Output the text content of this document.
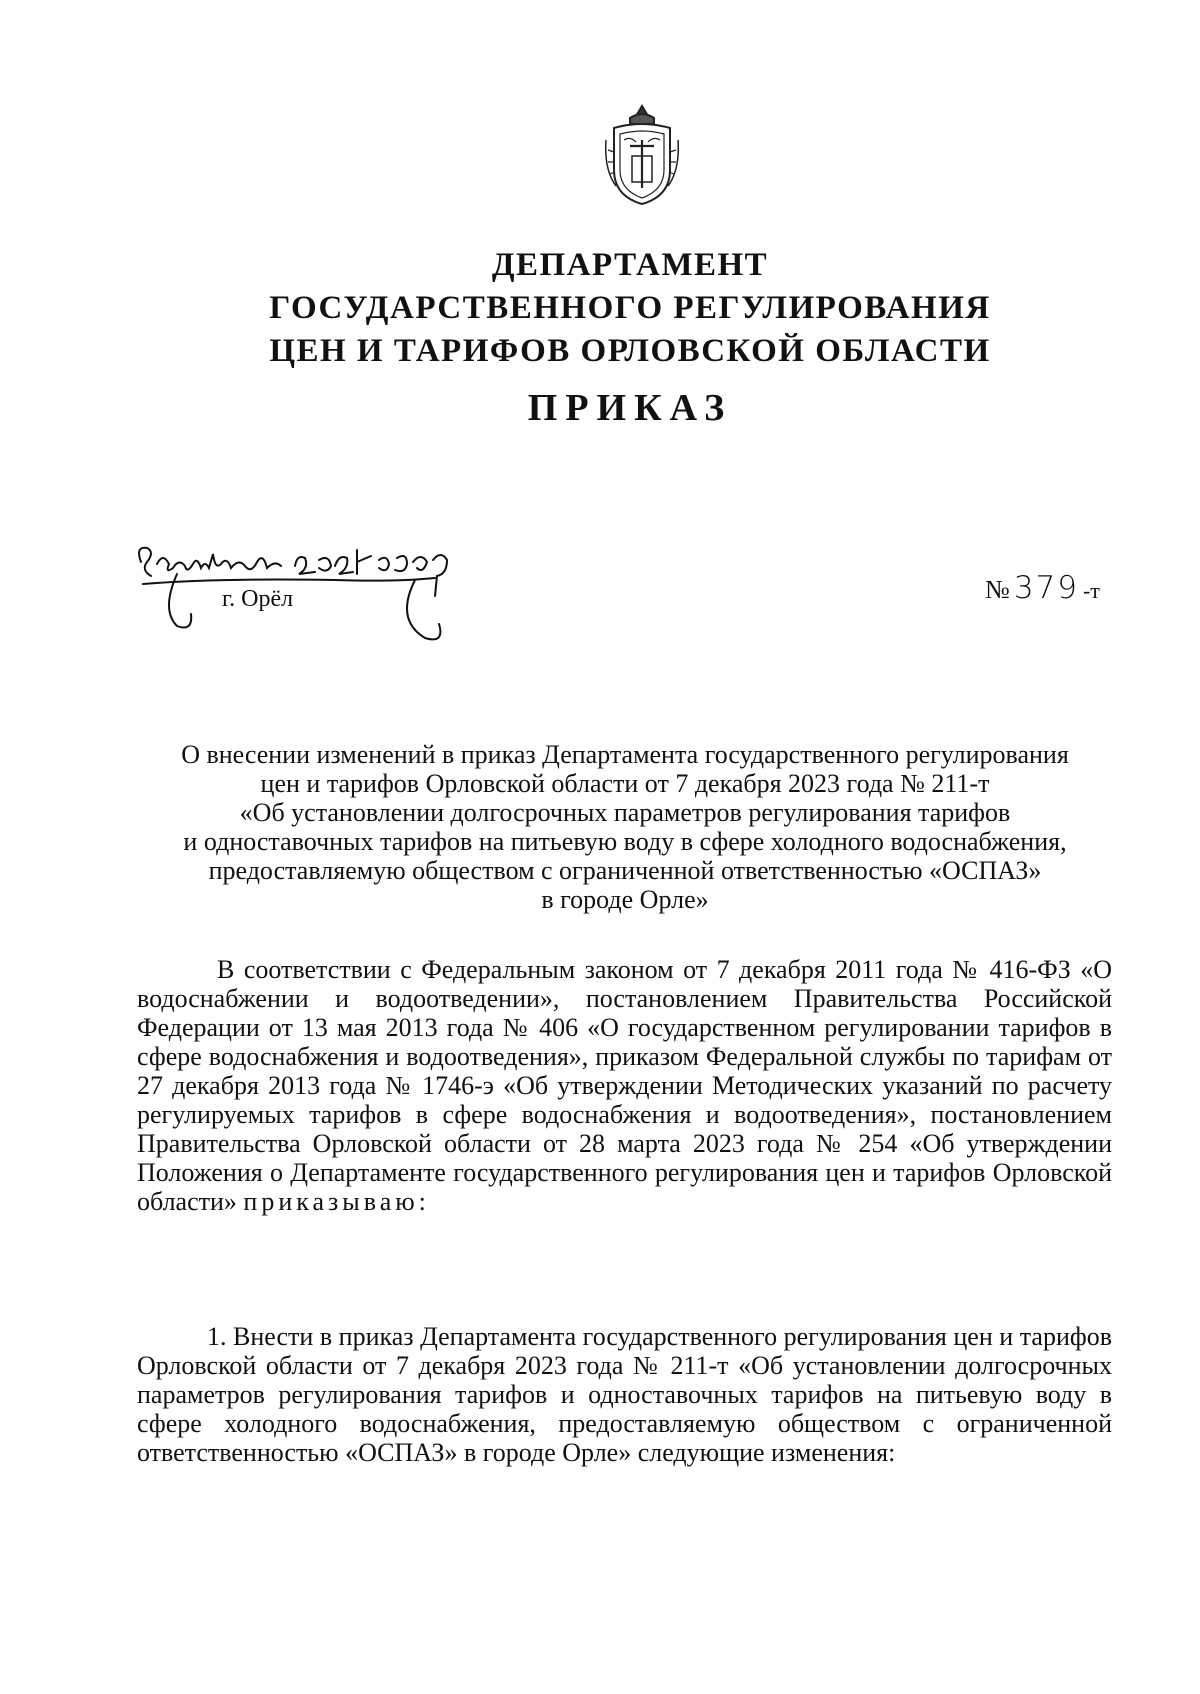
ДЕПАРТАМЕНТ
ГОСУДАРСТВЕННОГО РЕГУЛИРОВАНИЯ
ЦЕН И ТАРИФОВ ОРЛОВСКОЙ ОБЛАСТИ
ПРИКАЗ
г. Орёл	№ 379 -т
О внесении изменений в приказ Департамента государственного регулирования
цен и тарифов Орловской области от 7 декабря 2023 года № 211-т
«Об установлении долгосрочных параметров регулирования тарифов
и одноставочных тарифов на питьевую воду в сфере холодного водоснабжения,
предоставляемую обществом с ограниченной ответственностью «ОСПАЗ»
в городе Орле»

В соответствии с Федеральным законом от 7 декабря 2011 года № 416-ФЗ «О водоснабжении и водоотведении», постановлением Правительства Российской Федерации от 13 мая 2013 года № 406 «О государственном регулировании тарифов в сфере водоснабжения и водоотведения», приказом Федеральной службы по тарифам от 27 декабря 2013 года № 1746-э «Об утверждении Методических указаний по расчету регулируемых тарифов в сфере водоснабжения и водоотведения», постановлением Правительства Орловской области от 28 марта 2023 года № 254 «Об утверждении Положения о Департаменте государственного регулирования цен и тарифов Орловской области» приказываю:

1. Внести в приказ Департамента государственного регулирования цен и тарифов Орловской области от 7 декабря 2023 года № 211-т «Об установлении долгосрочных параметров регулирования тарифов и одноставочных тарифов на питьевую воду в сфере холодного водоснабжения, предоставляемую обществом с ограниченной ответственностью «ОСПАЗ» в городе Орле» следующие изменения:
